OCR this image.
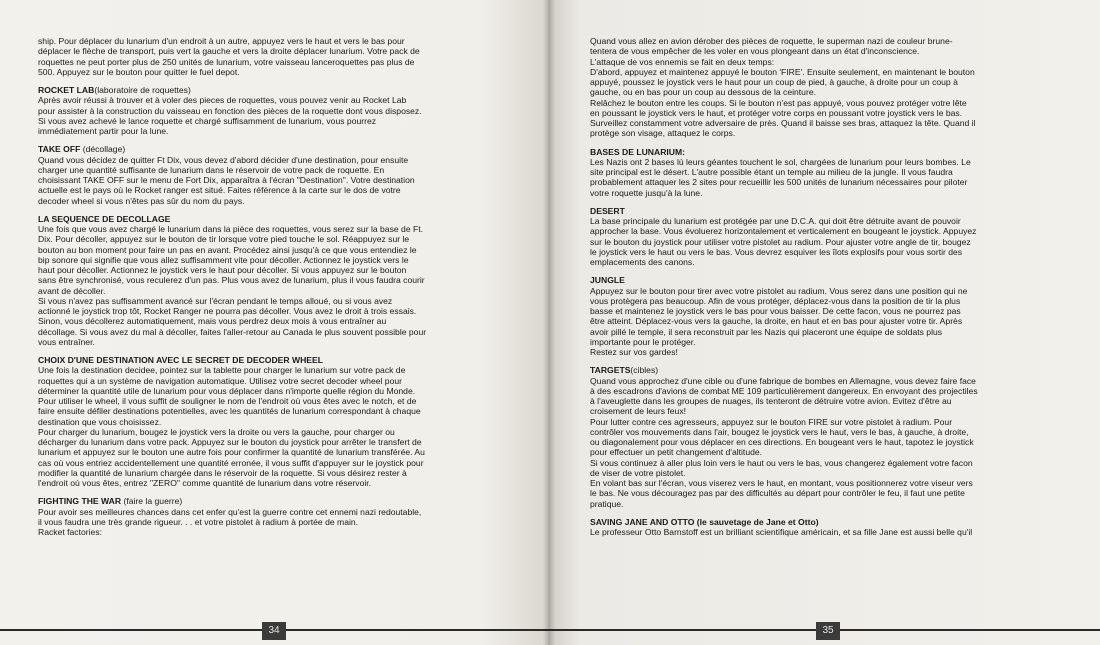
ship. Pour déplacer du lunarium d'un endroit à un autre, appuyez vers le haut et vers le bas pour
déplacer le flèche de transport, puis vert la gauche et vers la droite déplacer lunarium. Votre pack de
roquettes ne peut porter plus de 250 unités de lunarium, votre vaisseau lanceroquettes pas plus de
500. Appuyez sur le bouton pour quitter le fuel depot.

ROCKET LAB(laboratoire de roquettes)

Après avoir réussi à trouver et à voler des pieces de roquettes, vous pouvez venir au Rocket Lab
pour assister à la construction du vaisseau en fonction des pièces de la roquette dont vous disposez.
Si vous avez achevé le lance roquette et chargé suffisamment de lunarium, vous pourrez
immédiatement partir pour la lune.

TAKE OFF (décollage)

Quand vous décidez de quitter Ft Dix, vous devez d'abord décider d'une destination, pour ensuite
charger une quantité suffisante de lunarium dans le réservoir de votre pack de roquette. En
choisissant TAKE OFF sur le menu de Fort Dix, apparaîtra à l'écran "Destination". Votre destination
actuelle est le pays où le Rocket ranger est situé. Faites référence à la carte sur le dos de votre
decoder wheel si vous n'êtes pas sûr du nom du pays.

LA SEQUENCE DE DECOLLAGE

Une fois que vous avez chargé le lunarium dans la pièce des roquettes, vous serez sur la base de Ft.
Dix. Pour décoller, appuyez sur le bouton de tir lorsque votre pied touche le sol. Réappuyez sur le
bouton au bon moment pour faire un pas en avant. Procédez ainsi jusqu'à ce que vous entendiez le
bip sonore qui signifie que vous allez suffisamment vite pour décoller. Actionnez le joystick vers le
haut pour décoller. Actionnez le joystick vers le haut pour décoller. Si vous appuyez sur le bouton
sans être synchronisé, vous reculerez d'un pas. Plus vous avez de lunarium, plus il vous faudra courir
avant de décoller.
Si vous n'avez pas suffisamment avancé sur l'écran pendant le temps alloué, ou si vous avez
actionné le joystick trop tôt, Rocket Ranger ne pourra pas décoller. Vous avez le droit à trois essais.
Sinon, vous décollerez automatiquement, mais vous perdrez deux mois à vous entraîner au
décollage. Si vous avez du mal à décoller, faites l'aller-retour au Canada le plus souvent possible pour
vous entraîner.

CHOIX D'UNE DESTINATION AVEC LE SECRET DE DECODER WHEEL

Une fois la destination decidee, pointez sur la tablette pour charger le lunarium sur votre pack de
roquettes qui a un système de navigation automatique. Utilisez votre secret decoder wheel pour
déterminer la quantité utile de lunarium pour vous déplacer dans n'importe quelle région du Monde.
Pour utiliser le wheel, il vous suffit de souligner le nom de l'endroit où vous êtes avec le notch, et de
faire ensuite défiler destinations potentielles, avec les quantités de lunarium correspondant à chaque
destination que vous choisissez.
Pour charger du lunarium, bougez le joystick vers la droite ou vers la gauche, pour charger ou
décharger du lunarium dans votre pack. Appuyez sur le bouton du joystick pour arrêter le transfert de
lunarium et appuyez sur le bouton une autre fois pour confirmer la quantité de lunarium transférée. Au
cas où vous entriez accidentellement une quantité erronée, il vous suffit d'appuyer sur le joystick pour
modifier la quantité de lunarium chargée dans le réservoir de la roquette. Si vous désirez rester à
l'endroit où vous êtes, entrez "ZERO" comme quantité de lunarium dans votre réservoir.

FIGHTING THE WAR (faire la guerre)

Pour avoir ses meilleures chances dans cet enfer qu'est la guerre contre cet ennemi nazi redoutable,
il vous faudra une très grande rigueur. . . et votre pistolet à radium à portée de main.
Racket factories:

34

Quand vous allez en avion dérober des pièces de roquette, le superman nazi de couleur brune-
tentera de vous empêcher de les voler en vous plongeant dans un état d'inconscience.
L'attaque de vos ennemis se fait en deux temps:
D'abord, appuyez et maintenez appuyé le bouton 'FIRE'. Ensuite seulement, en maintenant le bouton
appuyé, poussez le joystick vers le haut pour un coup de pied, à gauche, à droite pour un coup à
gauche, ou en bas pour un coup au dessous de la ceinture.
Relâchez le bouton entre les coups. Si le bouton n'est pas appuyé, vous pouvez protéger votre lête
en poussant le joystick vers le haut, et protéger votre corps en poussant votre joystick vers le bas.
Surveillez constamment votre adversaire de près. Quand il baisse ses bras, attaquez la tête. Quand il
protège son visage, attaquez le corps.

BASES DE LUNARIUM:

Les Nazis ont 2 bases lù leurs géantes touchent le sol, chargées de lunarium pour leurs bombes. Le
site principal est le désert. L'autre possible étant un temple au milieu de la jungle. Il vous faudra
probablement attaquer les 2 sites pour recueillir les 500 unités de lunarium nécessaires pour piloter
votre roquette jusqu'à la lune.

DESERT

La base principale du lunarium est protégée par une D.C.A. qui doit être détruite avant de pouvoir
approcher la base. Vous évoluerez horizontalement et verticalement en bougeant le joystick. Appuyez
sur le bouton du joystick pour utiliser votre pistolet au radium. Pour ajuster votre angle de tir, bougez
le joystick vers le haut ou vers le bas. Vous devrez esquiver les îlots explosifs pour vous sortir des
emplacements des canons.

JUNGLE

Appuyez sur le bouton pour tirer avec votre pistolet au radium. Vous serez dans une position qui ne
vous protègera pas beaucoup. Afin de vous protéger, déplacez-vous dans la position de tir la plus
basse et maintenez le joystick vers le bas pour vous baisser. De cette facon, vous ne pourrez pas
être atteint. Déplacez-vous vers la gauche, la droite, en haut et en bas pour ajuster votre tir. Après
avoir pillé le temple, il sera reconstruit par les Nazis qui placeront une équipe de soldats plus
importante pour le protéger.
Restez sur vos gardes!

TARGETS(cibles)

Quand vous approchez d'une cible ou d'une fabrique de bombes en Allemagne, vous devez faire face
à des escadrons d'avions de combat ME 109 particulièrement dangereux. En envoyant des projectiles
à l'aveuglette dans les groupes de nuages, ils tenteront de détruire votre avion. Evitez d'être au
croisement de leurs feux!
Pour lutter contre ces agresseurs, appuyez sur le bouton FIRE sur votre pistolet à radium. Pour
contrôler vos mouvements dans l'air, bougez le joystick vers le haut, vers le bas, à gauche, à droite,
ou diagonalement pour vous déplacer en ces directions. En bougeant vers le haut, tapotez le joystick
pour effectuer un petit changement d'altitude.
Si vous continuez à aller plus loin vers le haut ou vers le bas, vous changerez également votre facon
de viser de votre pistolet.
En volant bas sur l'écran, vous viserez vers le haut, en montant, vous positionnerez votre viseur vers
le bas. Ne vous découragez pas par des difficultés au départ pour contrôler le feu, il faut une petite
pratique.

SAVING JANE AND OTTO (le sauvetage de Jane et Otto)

Le professeur Otto Barnstoff est un brilliant scientifique américain, et sa fille Jane est aussi belle qu'il

35
